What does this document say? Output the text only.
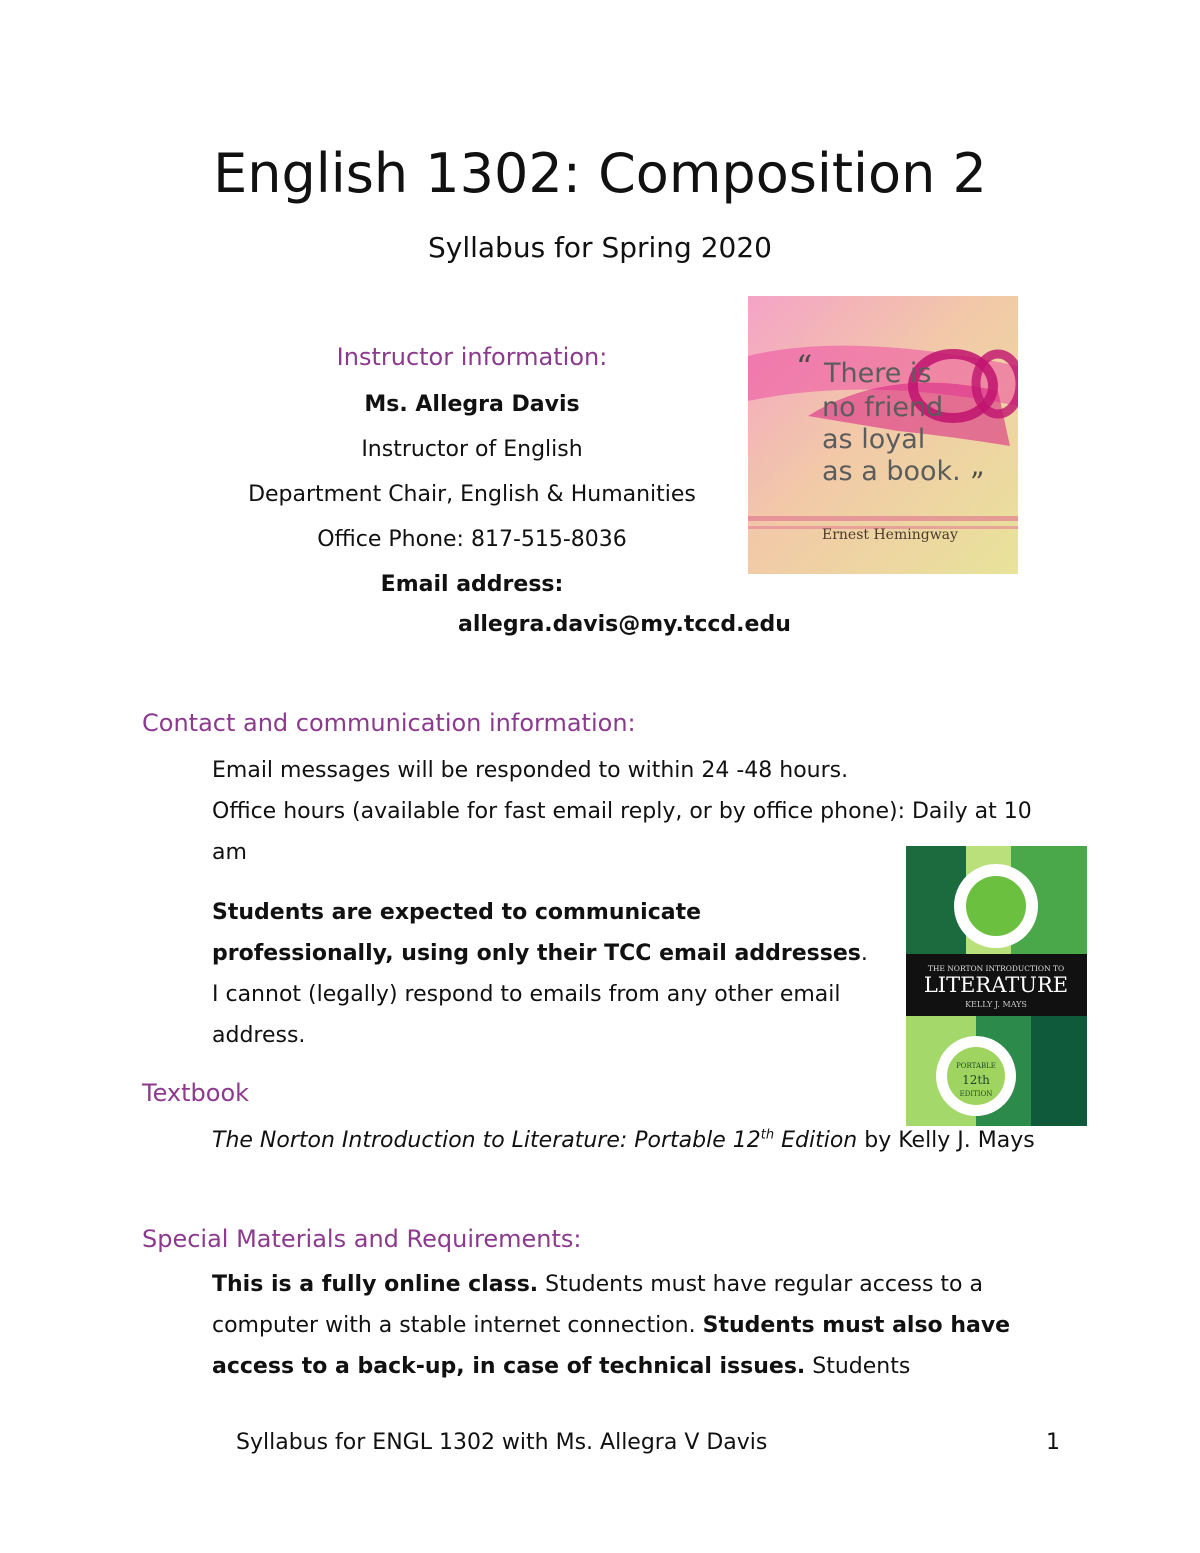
English 1302: Composition 2
Syllabus for Spring 2020
Instructor information:
Ms. Allegra Davis
Instructor of English
Department Chair, English & Humanities
Office Phone: 817-515-8036
Email address:
allegra.davis@my.tccd.edu
“ There is
no friend
as loyal
as a book. ”
Ernest Hemingway
Contact and communication information:
Email messages will be responded to within 24 -48 hours.
Office hours (available for fast email reply, or by office phone): Daily at 10 am
Students are expected to communicate professionally, using only their TCC email addresses. I cannot (legally) respond to emails from any other email address.
THE NORTON INTRODUCTION TO
LITERATURE
KELLY J. MAYS
PORTABLE
12th
EDITION
Textbook
The Norton Introduction to Literature: Portable 12th Edition by Kelly J. Mays
Special Materials and Requirements:
This is a fully online class. Students must have regular access to a computer with a stable internet connection. Students must also have access to a back-up, in case of technical issues. Students
Syllabus for ENGL 1302 with Ms. Allegra V Davis	1
